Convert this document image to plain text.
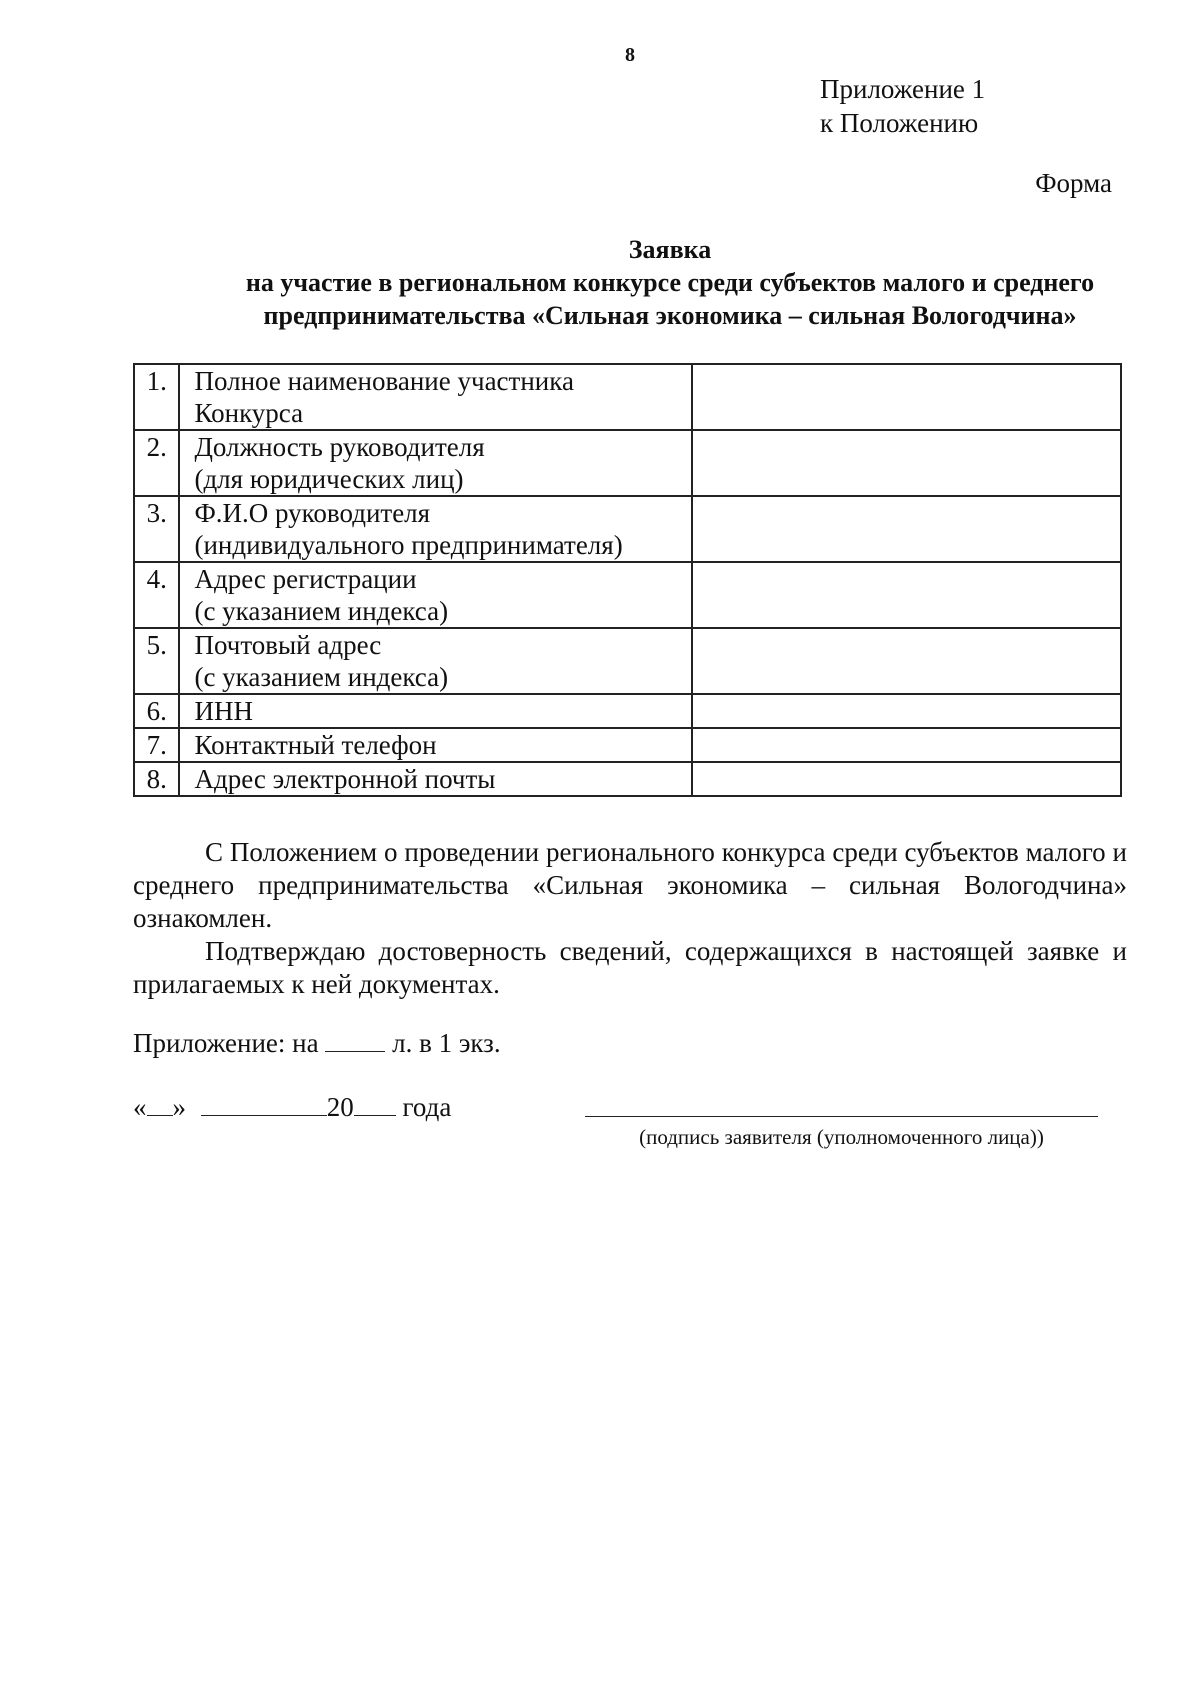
8
Приложение 1
к Положению
Форма
Заявка
на участие в региональном конкурсе среди субъектов малого и среднего
предпринимательства «Сильная экономика – сильная Вологодчина»
1.	Полное наименование участника
Конкурса	

2.	Должность руководителя
(для юридических лиц)	

3.	Ф.И.О руководителя
(индивидуального предпринимателя)	

4.	Адрес регистрации
(с указанием индекса)	

5.	Почтовый адрес
(с указанием индекса)	

6.	ИНН	

7.	Контактный телефон	

8.	Адрес электронной почты	

С Положением о проведении регионального конкурса среди субъектов малого и среднего предпринимательства «Сильная экономика – сильная Вологодчина» ознакомлен.
Подтверждаю достоверность сведений, содержащихся в настоящей заявке и прилагаемых к ней документах.
Приложение: на	л. в 1 экз.
« »	20 года
(подпись заявителя (уполномоченного лица))
